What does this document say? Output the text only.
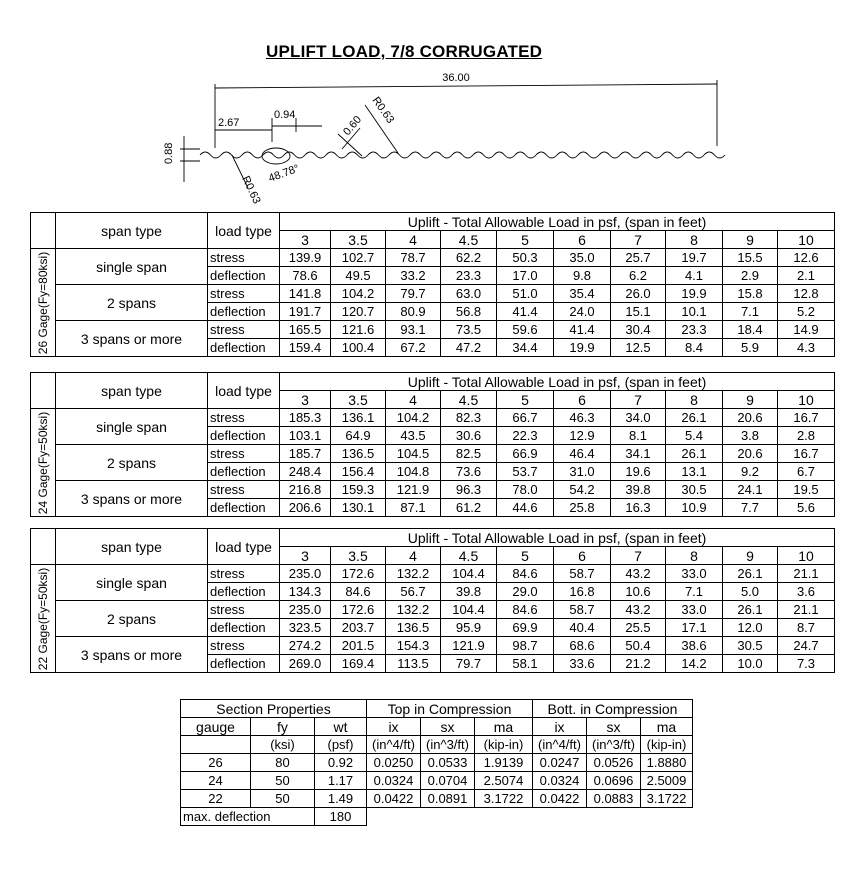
UPLIFT LOAD, 7/8 CORRUGATED
36.00
2.67
0.94
0.88
R0.63
R0.63
0.60
48.78°
	span type	load type	Uplift - Total Allowable Load in psf, (span in feet)									
			3	3.5	4	4.5	5	6	7	8	9	10

26 Gage(Fy=80ksi)	single span	stress	139.9	102.7	78.7	62.2	50.3	35.0	25.7	19.7	15.5	12.6
		deflection	78.6	49.5	33.2	23.3	17.0	9.8	6.2	4.1	2.9	2.1
	2 spans	stress	141.8	104.2	79.7	63.0	51.0	35.4	26.0	19.9	15.8	12.8
		deflection	191.7	120.7	80.9	56.8	41.4	24.0	15.1	10.1	7.1	5.2
	3 spans or more	stress	165.5	121.6	93.1	73.5	59.6	41.4	30.4	23.3	18.4	14.9
		deflection	159.4	100.4	67.2	47.2	34.4	19.9	12.5	8.4	5.9	4.3
	span type	load type	Uplift - Total Allowable Load in psf, (span in feet)									
			3	3.5	4	4.5	5	6	7	8	9	10

24 Gage(Fy=50ksi)	single span	stress	185.3	136.1	104.2	82.3	66.7	46.3	34.0	26.1	20.6	16.7
		deflection	103.1	64.9	43.5	30.6	22.3	12.9	8.1	5.4	3.8	2.8
	2 spans	stress	185.7	136.5	104.5	82.5	66.9	46.4	34.1	26.1	20.6	16.7
		deflection	248.4	156.4	104.8	73.6	53.7	31.0	19.6	13.1	9.2	6.7
	3 spans or more	stress	216.8	159.3	121.9	96.3	78.0	54.2	39.8	30.5	24.1	19.5
		deflection	206.6	130.1	87.1	61.2	44.6	25.8	16.3	10.9	7.7	5.6
	span type	load type	Uplift - Total Allowable Load in psf, (span in feet)									
			3	3.5	4	4.5	5	6	7	8	9	10

22 Gage(Fy=50ksi)	single span	stress	235.0	172.6	132.2	104.4	84.6	58.7	43.2	33.0	26.1	21.1
		deflection	134.3	84.6	56.7	39.8	29.0	16.8	10.6	7.1	5.0	3.6
	2 spans	stress	235.0	172.6	132.2	104.4	84.6	58.7	43.2	33.0	26.1	21.1
		deflection	323.5	203.7	136.5	95.9	69.9	40.4	25.5	17.1	12.0	8.7
	3 spans or more	stress	274.2	201.5	154.3	121.9	98.7	68.6	50.4	38.6	30.5	24.7
		deflection	269.0	169.4	113.5	79.7	58.1	33.6	21.2	14.2	10.0	7.3
Section Properties			Top in Compression			Bott. in Compression		
gauge	fy	wt	ix	sx	ma	ix	sx	ma
	(ksi)	(psf)	(in^4/ft)	(in^3/ft)	(kip-in)	(in^4/ft)	(in^3/ft)	(kip-in)
26	80	0.92	0.0250	0.0533	1.9139	0.0247	0.0526	1.8880
24	50	1.17	0.0324	0.0704	2.5074	0.0324	0.0696	2.5009
22	50	1.49	0.0422	0.0891	3.1722	0.0422	0.0883	3.1722
max. deflection		180						
